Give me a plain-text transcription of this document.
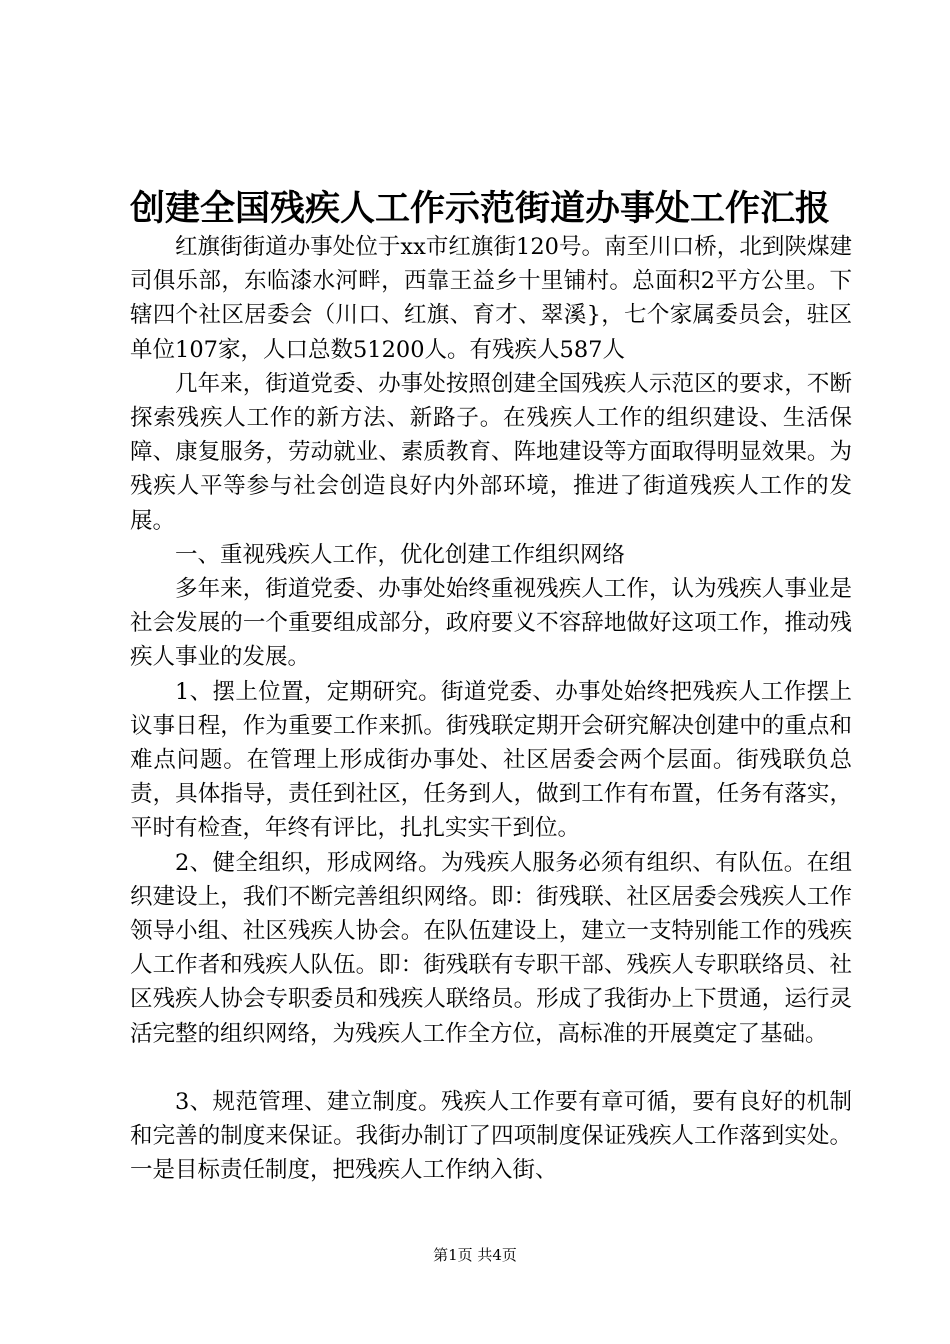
创建全国残疾人工作示范街道办事处工作汇报

红旗街街道办事处位于xx市红旗街120号。南至川口桥，北到陕煤建司俱乐部，东临漆水河畔，西靠王益乡十里铺村。总面积2平方公里。下辖四个社区居委会（川口、红旗、育才、翠溪}，七个家属委员会，驻区单位107家，人口总数51200人。有残疾人587人

几年来，街道党委、办事处按照创建全国残疾人示范区的要求，不断探索残疾人工作的新方法、新路子。在残疾人工作的组织建设、生活保障、康复服务，劳动就业、素质教育、阵地建设等方面取得明显效果。为残疾人平等参与社会创造良好内外部环境，推进了街道残疾人工作的发展。

一、重视残疾人工作，优化创建工作组织网络

多年来，街道党委、办事处始终重视残疾人工作，认为残疾人事业是社会发展的一个重要组成部分，政府要义不容辞地做好这项工作，推动残疾人事业的发展。

1、摆上位置，定期研究。街道党委、办事处始终把残疾人工作摆上议事日程，作为重要工作来抓。街残联定期开会研究解决创建中的重点和难点问题。在管理上形成街办事处、社区居委会两个层面。街残联负总责，具体指导，责任到社区，任务到人，做到工作有布置，任务有落实，平时有检查，年终有评比，扎扎实实干到位。

2、健全组织，形成网络。为残疾人服务必须有组织、有队伍。在组织建设上，我们不断完善组织网络。即：街残联、社区居委会残疾人工作领导小组、社区残疾人协会。在队伍建设上，建立一支特别能工作的残疾人工作者和残疾人队伍。即：街残联有专职干部、残疾人专职联络员、社区残疾人协会专职委员和残疾人联络员。形成了我街办上下贯通，运行灵活完整的组织网络，为残疾人工作全方位，高标准的开展奠定了基础。

3、规范管理、建立制度。残疾人工作要有章可循，要有良好的机制和完善的制度来保证。我街办制订了四项制度保证残疾人工作落到实处。一是目标责任制度，把残疾人工作纳入街、

第1页 共4页
